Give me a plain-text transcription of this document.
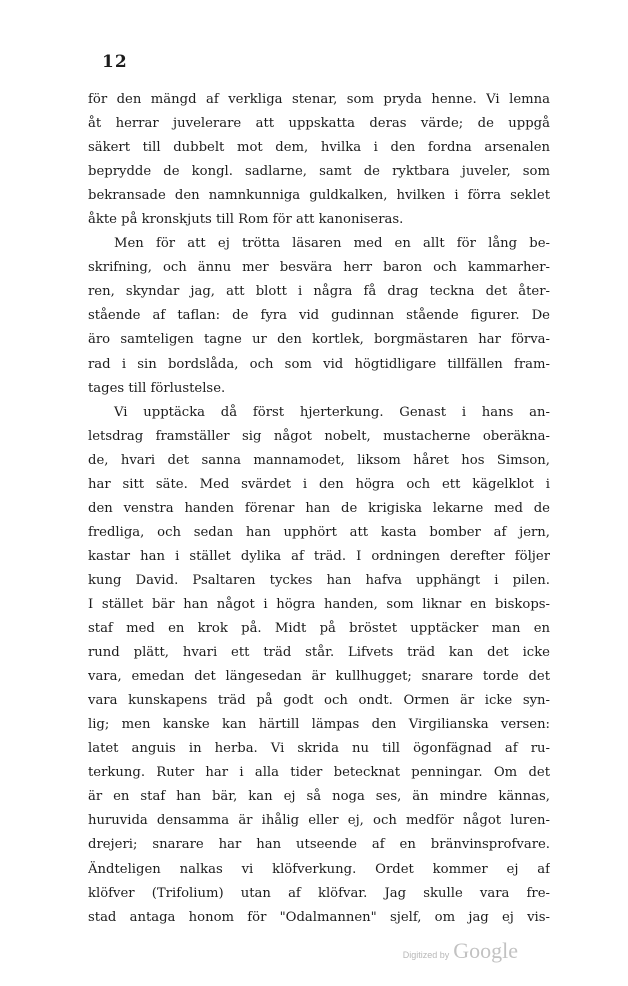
12
för den mängd af verkliga stenar, som pryda henne. Vi lemna
åt herrar juvelerare att uppskatta deras värde; de uppgå
säkert till dubbelt mot dem, hvilka i den fordna arsenalen
beprydde de kongl. sadlarne, samt de ryktbara juveler, som
bekransade den namnkunniga guldkalken, hvilken i förra seklet
åkte på kronskjuts till Rom för att kanoniseras.
Men för att ej trötta läsaren med en allt för lång be-
skrifning, och ännu mer besvära herr baron och kammarher-
ren, skyndar jag, att blott i några få drag teckna det åter-
stående af taflan: de fyra vid gudinnan stående figurer. De
äro samteligen tagne ur den kortlek, borgmästaren har förva-
rad i sin bordslåda, och som vid högtidligare tillfällen fram-
tages till förlustelse.
Vi upptäcka då först hjerterkung. Genast i hans an-
letsdrag framställer sig något nobelt, mustacherne oberäkna-
de, hvari det sanna mannamodet, liksom håret hos Simson,
har sitt säte. Med svärdet i den högra och ett kägelklot i
den venstra handen förenar han de krigiska lekarne med de
fredliga, och sedan han upphört att kasta bomber af jern,
kastar han i stället dylika af träd. I ordningen derefter följer
kung David. Psaltaren tyckes han hafva upphängt i pilen.
I stället bär han något i högra handen, som liknar en biskops-
staf med en krok på. Midt på bröstet upptäcker man en
rund plätt, hvari ett träd står. Lifvets träd kan det icke
vara, emedan det längesedan är kullhugget; snarare torde det
vara kunskapens träd på godt och ondt. Ormen är icke syn-
lig; men kanske kan härtill lämpas den Virgilianska versen:
latet anguis in herba. Vi skrida nu till ögonfägnad af ru-
terkung. Ruter har i alla tider betecknat penningar. Om det
är en staf han bär, kan ej så noga ses, än mindre kännas,
huruvida densamma är ihålig eller ej, och medför något luren-
drejeri; snarare har han utseende af en bränvinsprofvare.
Ändteligen nalkas vi klöfverkung. Ordet kommer ej af
klöfver (Trifolium) utan af klöfvar. Jag skulle vara fre-
stad antaga honom för "Odalmannen" sjelf, om jag ej vis-
Digitized by Google
